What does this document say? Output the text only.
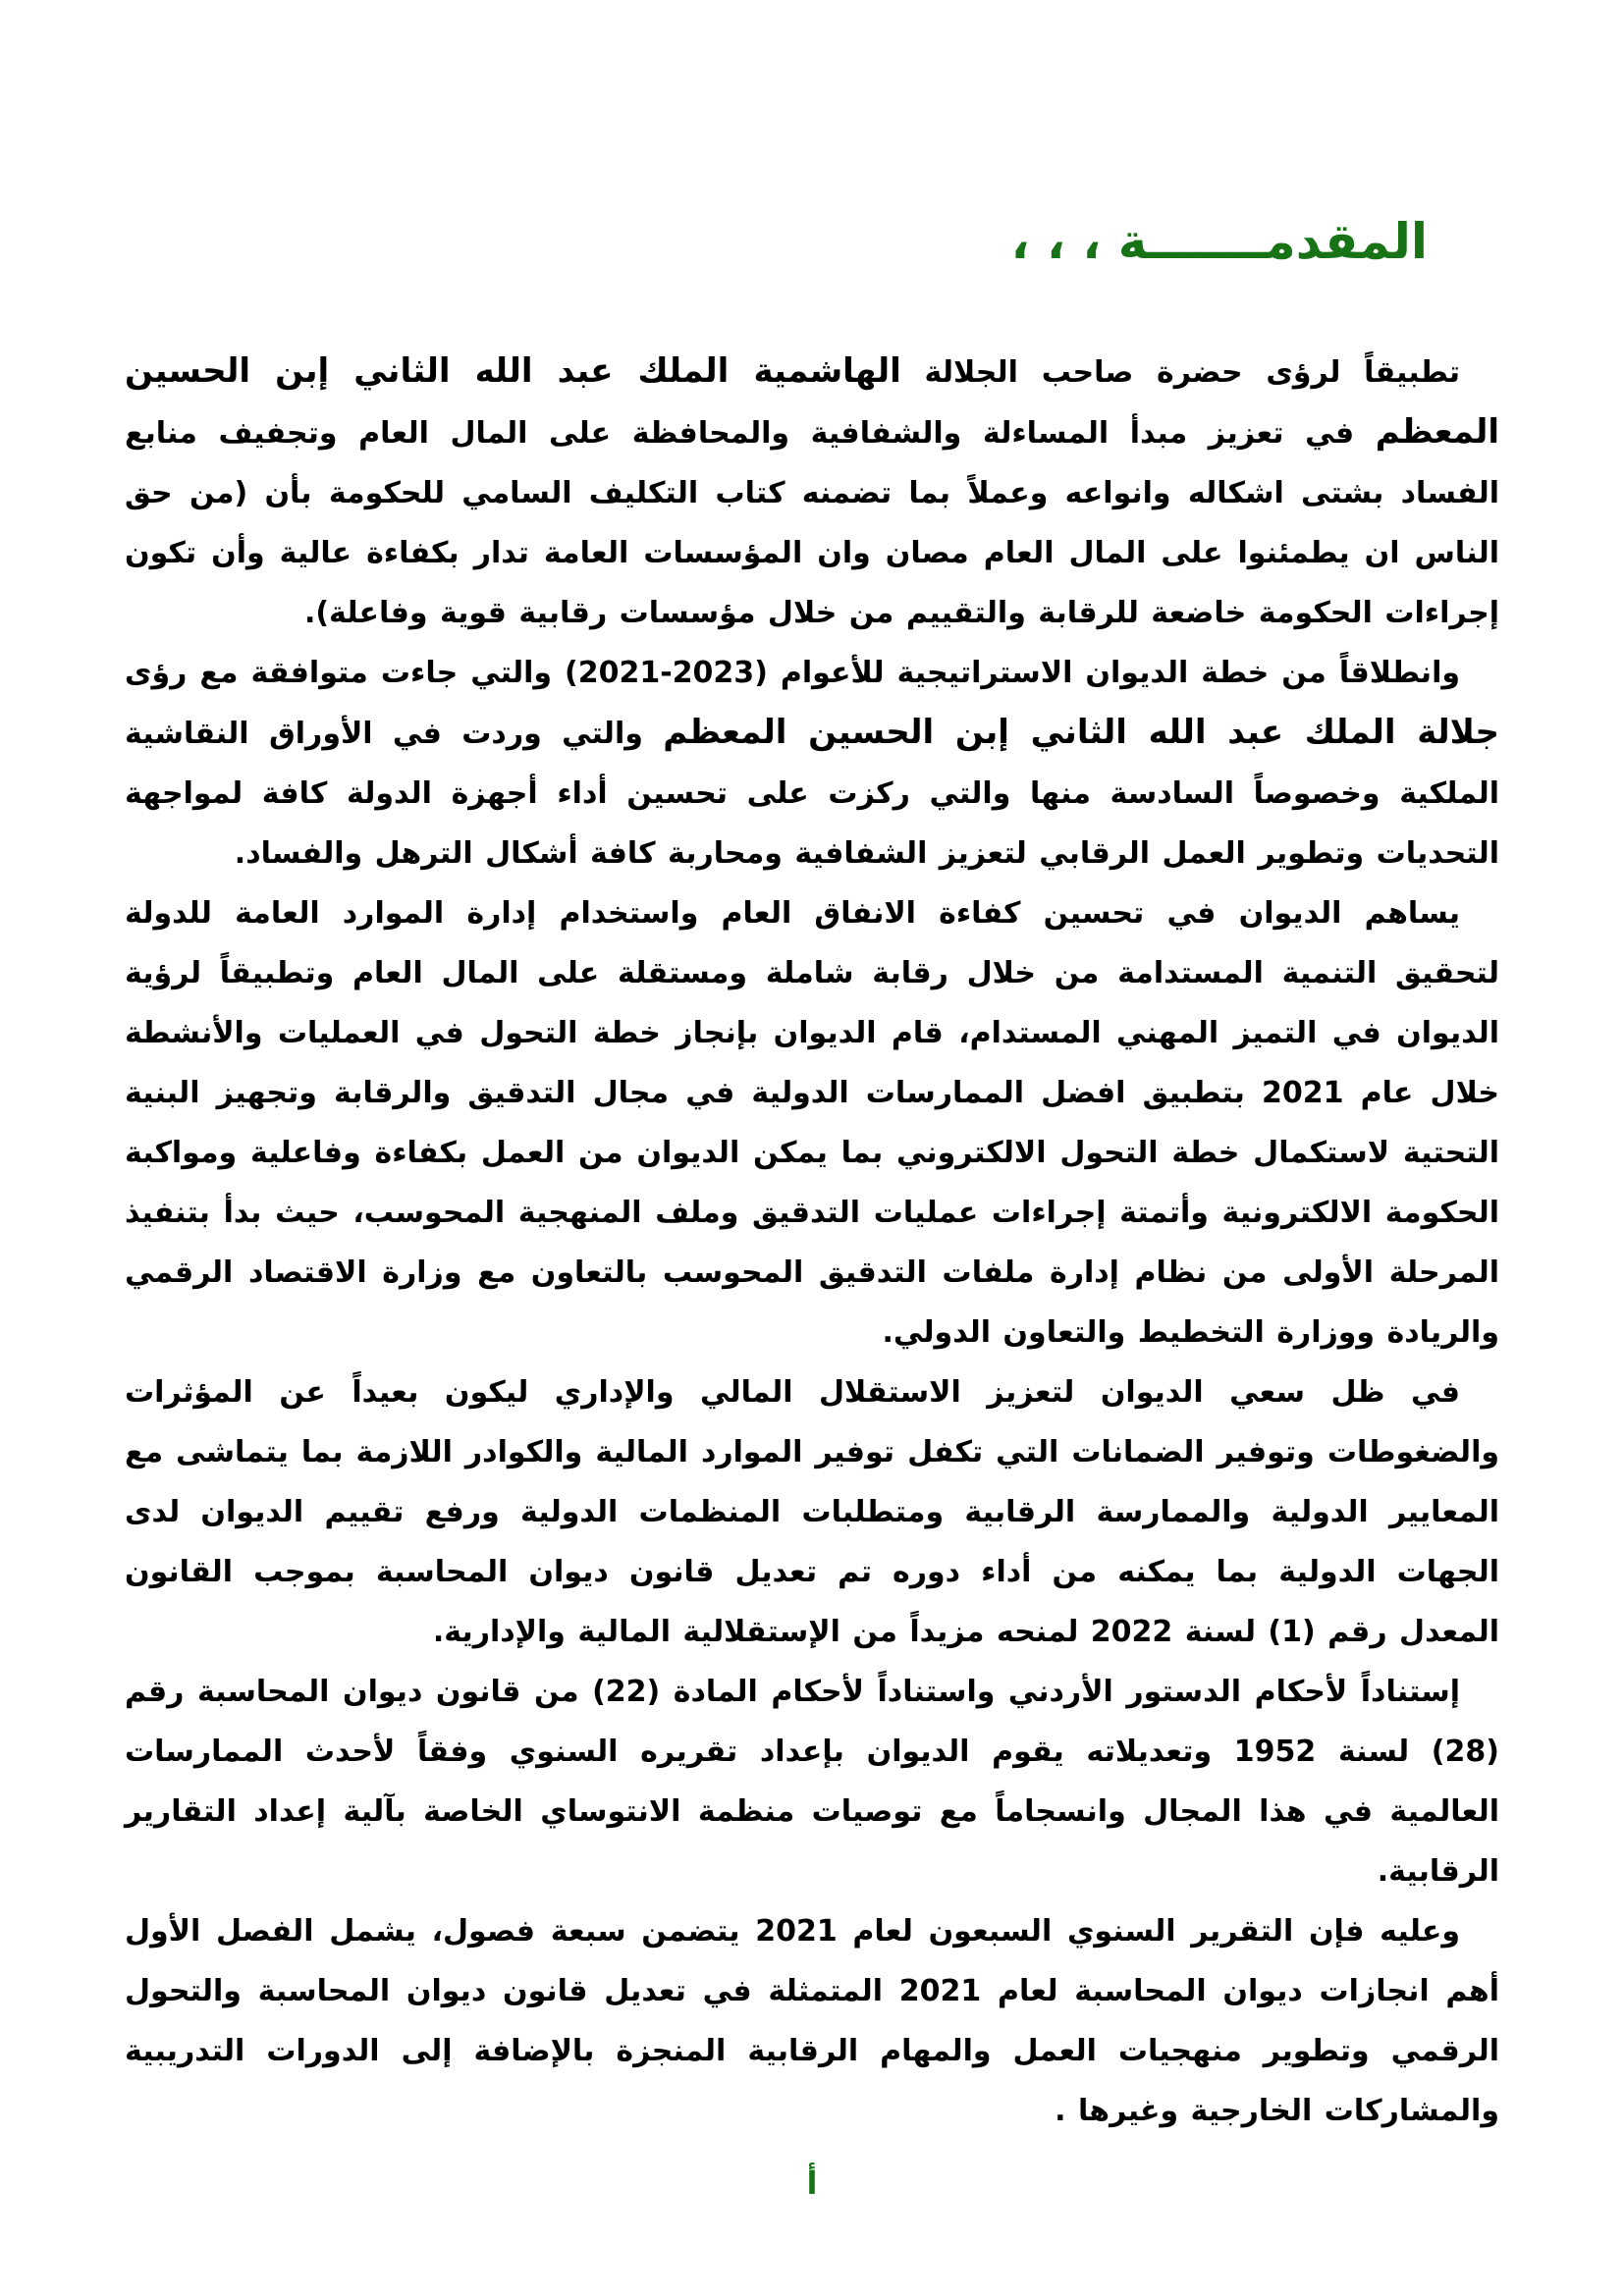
المقدمـــــــة ، ، ،

تطبيقاً لرؤى حضرة صاحب الجلالة الهاشمية الملك عبد الله الثاني إبن الحسين المعظم في تعزيز مبدأ المساءلة والشفافية والمحافظة على المال العام وتجفيف منابع الفساد بشتى اشكاله وانواعه وعملاً بما تضمنه كتاب التكليف السامي للحكومة بأن (من حق الناس ان يطمئنوا على المال العام مصان وان المؤسسات العامة تدار بكفاءة عالية وأن تكون إجراءات الحكومة خاضعة للرقابة والتقييم من خلال مؤسسات رقابية قوية وفاعلة).

وانطلاقاً من خطة الديوان الاستراتيجية للأعوام (2023-2021) والتي جاءت متوافقة مع رؤى جلالة الملك عبد الله الثاني إبن الحسين المعظم والتي وردت في الأوراق النقاشية الملكية وخصوصاً السادسة منها والتي ركزت على تحسين أداء أجهزة الدولة كافة لمواجهة التحديات وتطوير العمل الرقابي لتعزيز الشفافية ومحاربة كافة أشكال الترهل والفساد.

يساهم الديوان في تحسين كفاءة الانفاق العام واستخدام إدارة الموارد العامة للدولة لتحقيق التنمية المستدامة من خلال رقابة شاملة ومستقلة على المال العام وتطبيقاً لرؤية الديوان في التميز المهني المستدام، قام الديوان بإنجاز خطة التحول في العمليات والأنشطة خلال عام 2021 بتطبيق افضل الممارسات الدولية في مجال التدقيق والرقابة وتجهيز البنية التحتية لاستكمال خطة التحول الالكتروني بما يمكن الديوان من العمل بكفاءة وفاعلية ومواكبة الحكومة الالكترونية وأتمتة إجراءات عمليات التدقيق وملف المنهجية المحوسب، حيث بدأ بتنفيذ المرحلة الأولى من نظام إدارة ملفات التدقيق المحوسب بالتعاون مع وزارة الاقتصاد الرقمي والريادة ووزارة التخطيط والتعاون الدولي.

في ظل سعي الديوان لتعزيز الاستقلال المالي والإداري ليكون بعيداً عن المؤثرات والضغوطات وتوفير الضمانات التي تكفل توفير الموارد المالية والكوادر اللازمة بما يتماشى مع المعايير الدولية والممارسة الرقابية ومتطلبات المنظمات الدولية ورفع تقييم الديوان لدى الجهات الدولية بما يمكنه من أداء دوره تم تعديل قانون ديوان المحاسبة بموجب القانون المعدل رقم (1) لسنة 2022 لمنحه مزيداً من الإستقلالية المالية والإدارية.

إستناداً لأحكام الدستور الأردني واستناداً لأحكام المادة (22) من قانون ديوان المحاسبة رقم (28) لسنة 1952 وتعديلاته يقوم الديوان بإعداد تقريره السنوي وفقاً لأحدث الممارسات العالمية في هذا المجال وانسجاماً مع توصيات منظمة الانتوساي الخاصة بآلية إعداد التقارير الرقابية.

وعليه فإن التقرير السنوي السبعون لعام 2021 يتضمن سبعة فصول، يشمل الفصل الأول أهم انجازات ديوان المحاسبة لعام 2021 المتمثلة في تعديل قانون ديوان المحاسبة والتحول الرقمي وتطوير منهجيات العمل والمهام الرقابية المنجزة بالإضافة إلى الدورات التدريبية والمشاركات الخارجية وغيرها .

أ
